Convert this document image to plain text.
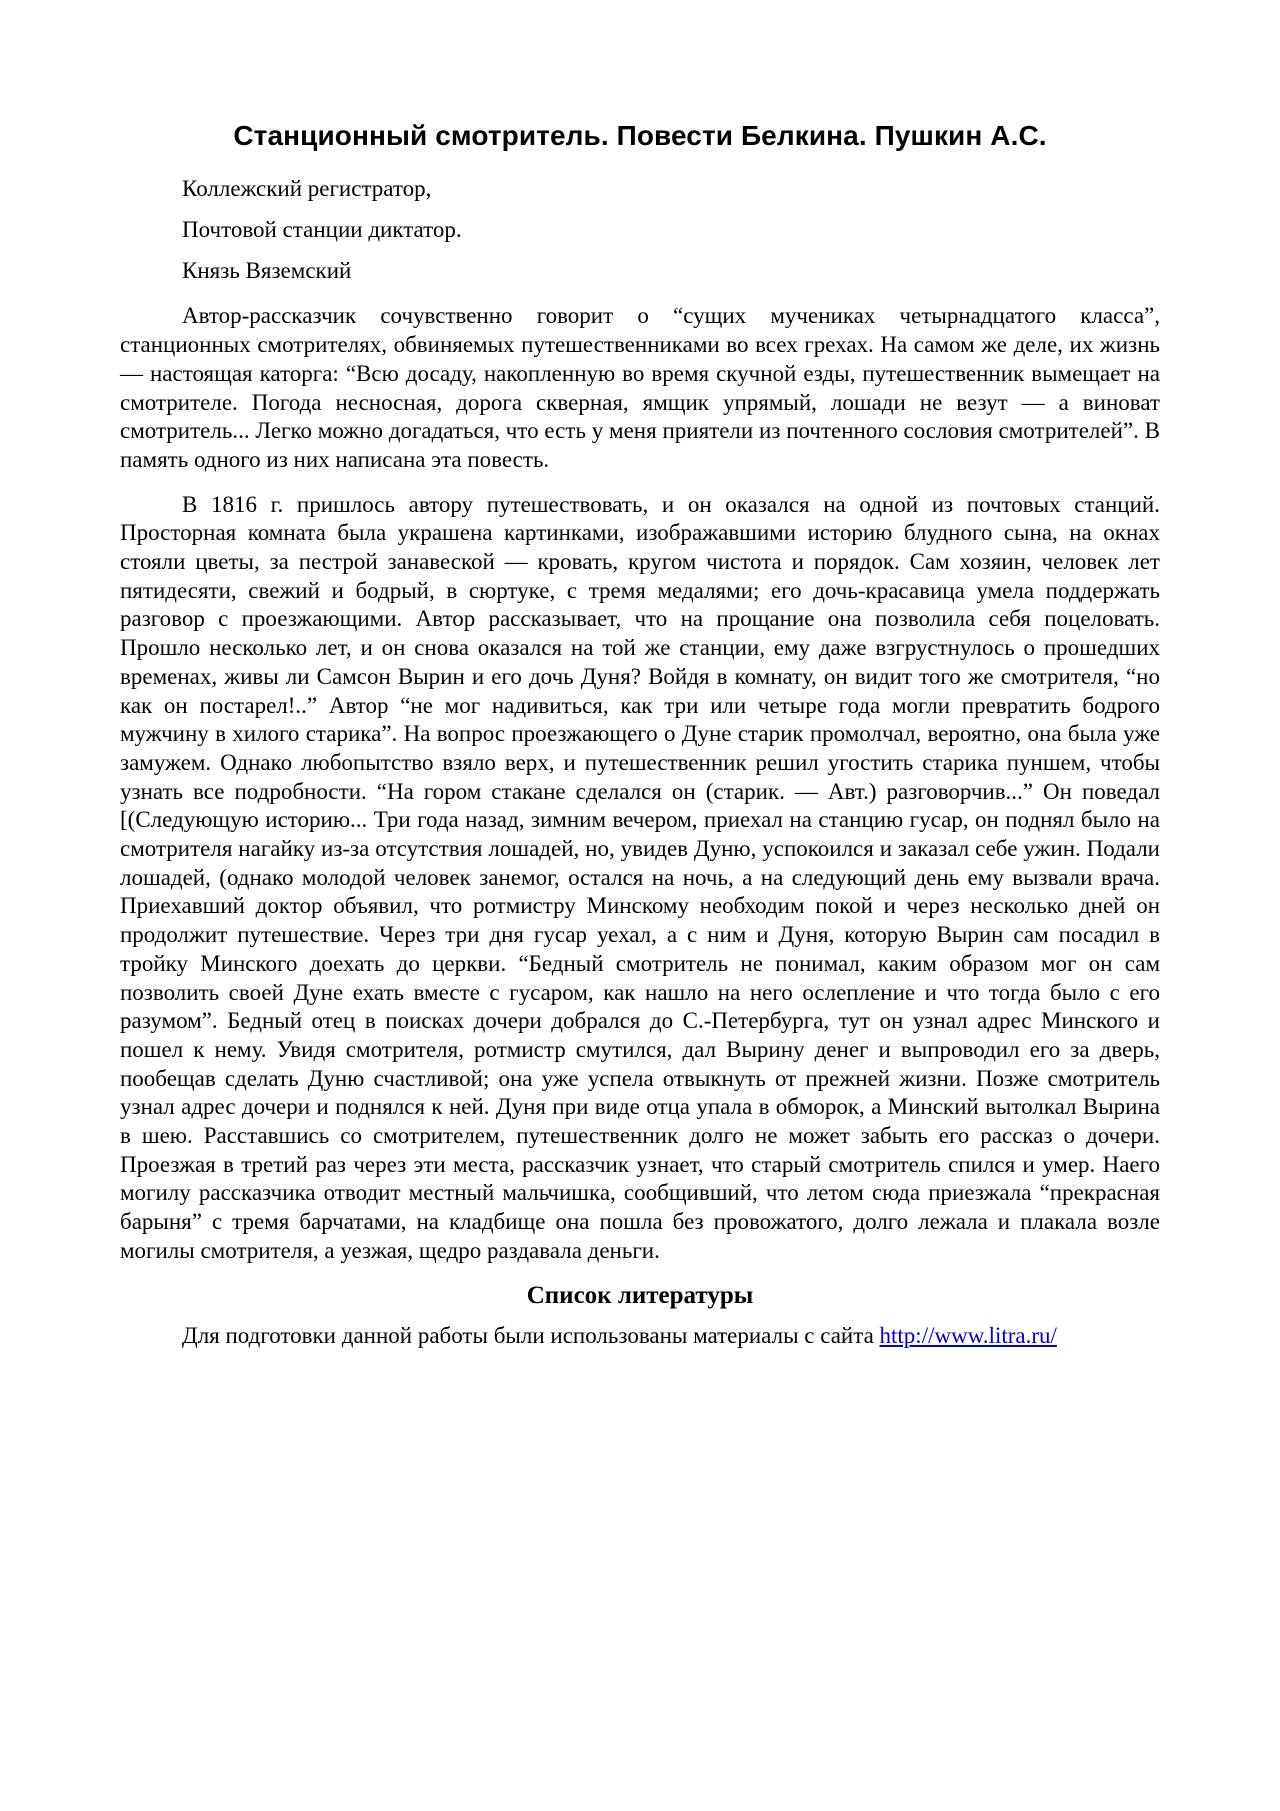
Станционный смотритель. Повести Белкина. Пушкин А.С.

Коллежский регистратор,

Почтовой станции диктатор.

Князь Вяземский

Автор-рассказчик сочувственно говорит о “сущих мучениках четырнадцатого класса”, станционных смотрителях, обвиняемых путешественниками во всех грехах. На самом же деле, их жизнь — настоящая каторга: “Всю досаду, накопленную во время скучной езды, путешественник вымещает на смотрителе. Погода несносная, дорога скверная, ямщик упрямый, лошади не везут — а виноват смотритель... Легко можно догадаться, что есть у меня приятели из почтенного сословия смотрителей”. В память одного из них написана эта повесть.

В 1816 г. пришлось автору путешествовать, и он оказался на одной из почтовых станций. Просторная комната была украшена картинками, изображавшими историю блудного сына, на окнах стояли цветы, за пестрой занавеской — кровать, кругом чистота и порядок. Сам хозяин, человек лет пятидесяти, свежий и бодрый, в сюртуке, с тремя медалями; его дочь-красавица умела поддержать разговор с проезжающими. Автор рассказывает, что на прощание она позволила себя поцеловать. Прошло несколько лет, и он снова оказался на той же станции, ему даже взгрустнулось о прошедших временах, живы ли Самсон Вырин и его дочь Дуня? Войдя в комнату, он видит того же смотрителя, “но как он постарел!..” Автор “не мог надивиться, как три или четыре года могли превратить бодрого мужчину в хилого старика”. На вопрос проезжающего о Дуне старик промолчал, вероятно, она была уже замужем. Однако любопытство взяло верх, и путешественник решил угостить старика пуншем, чтобы узнать все подробности. “На гором стакане сделался он (старик. — Авт.) разговорчив...” Он поведал [(Следующую историю... Три года назад, зимним вечером, приехал на станцию гусар, он поднял было на смотрителя нагайку из-за отсутствия лошадей, но, увидев Дуню, успокоился и заказал себе ужин. Подали лошадей, (однако молодой человек занемог, остался на ночь, а на следующий день ему вызвали врача. Приехавший доктор объявил, что ротмистру Минскому необходим покой и через несколько дней он продолжит путешествие. Через три дня гусар уехал, а с ним и Дуня, которую Вырин сам посадил в тройку Минского доехать до церкви. “Бедный смотритель не понимал, каким образом мог он сам позволить своей Дуне ехать вместе с гусаром, как нашло на него ослепление и что тогда было с его разумом”. Бедный отец в поисках дочери добрался до С.-Петербурга, тут он узнал адрес Минского и пошел к нему. Увидя смотрителя, ротмистр смутился, дал Вырину денег и выпроводил его за дверь, пообещав сделать Дуню счастливой; она уже успела отвыкнуть от прежней жизни. Позже смотритель узнал адрес дочери и поднялся к ней. Дуня при виде отца упала в обморок, а Минский вытолкал Вырина в шею. Расставшись со смотрителем, путешественник долго не может забыть его рассказ о дочери. Проезжая в третий раз через эти места, рассказчик узнает, что старый смотритель спился и умер. Наего могилу рассказчика отводит местный мальчишка, сообщивший, что летом сюда приезжала “прекрасная барыня” с тремя барчатами, на кладбище она пошла без провожатого, долго лежала и плакала возле могилы смотрителя, а уезжая, щедро раздавала деньги.

Список литературы

Для подготовки данной работы были использованы материалы с сайта http://www.litra.ru/
